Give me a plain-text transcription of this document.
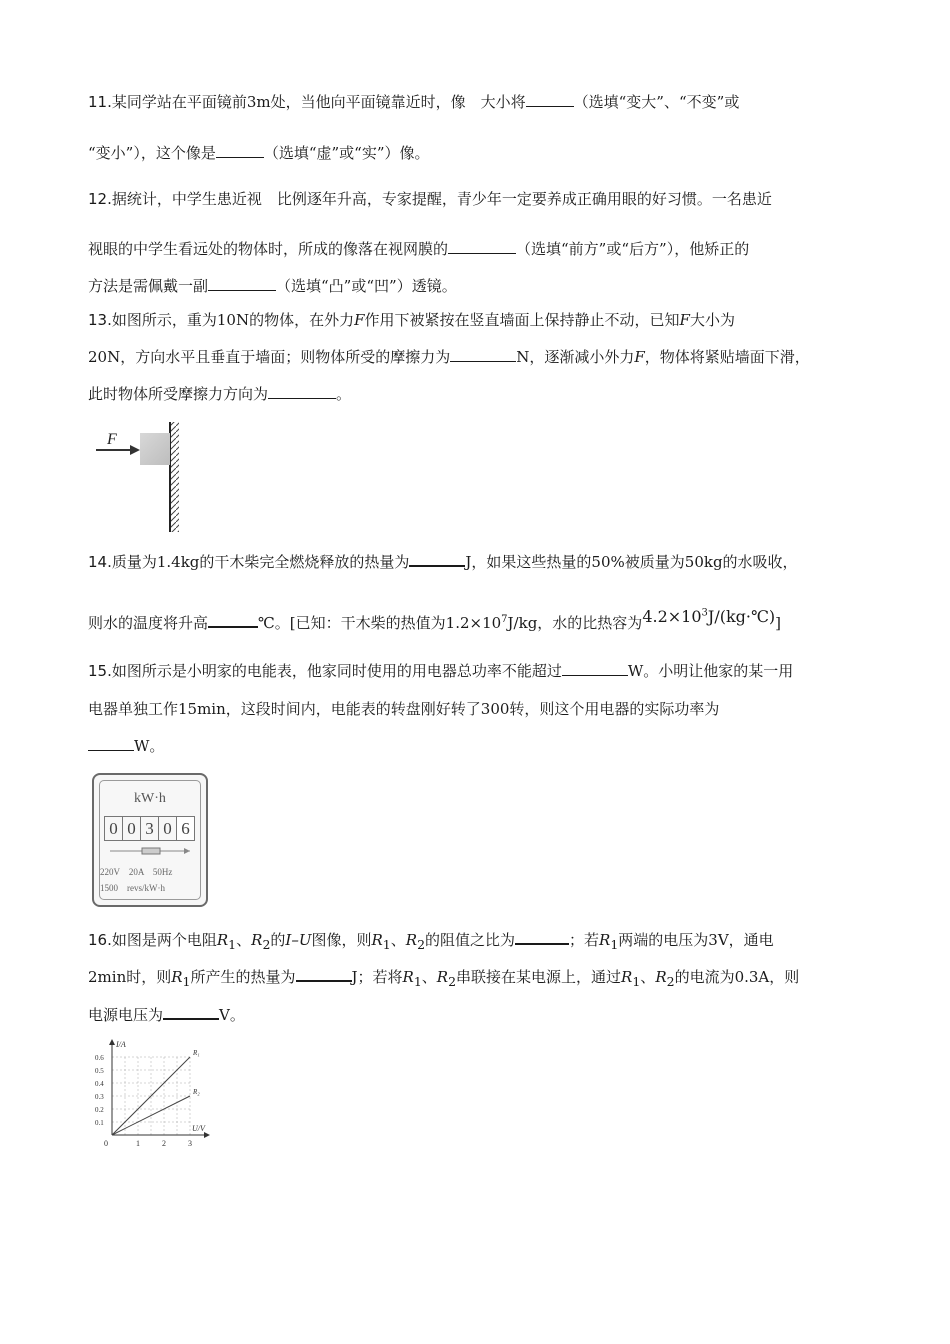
11.某同学站在平面镜前3m处，当他向平面镜靠近时，像　大小将	（选填“变大”、“不变”或

“变小”），这个像是	（选填“虚”或“实”）像。

12.据统计，中学生患近视　比例逐年升高，专家提醒，青少年一定要养成正确用眼的好习惯。一名患近

视眼的中学生看远处的物体时，所成的像落在视网膜的	（选填“前方”或“后方”），他矫正的

方法是需佩戴一副	（选填“凸”或“凹”）透镜。

13.如图所示，重为10N的物体，在外力F作用下被紧按在竖直墙面上保持静止不动，已知F大小为

20N，方向水平且垂直于墙面；则物体所受的摩擦力为	N，逐渐减小外力F，物体将紧贴墙面下滑，

此时物体所受摩擦力方向为	。

F

14.质量为1.4kg的干木柴完全燃烧释放的热量为	J，如果这些热量的50%被质量为50kg的水吸收，

则水的温度将升高	℃。[已知：干木柴的热值为$1.2\times 10^7J/kg$，水的比热容为$4.2\times 10^3J/(kg\cdot℃)$]

15.如图所示是小明家的电能表，他家同时使用的用电器总功率不能超过	W。小明让他家的某一用

电器单独工作15min，这段时间内，电能表的转盘刚好转了300转，则这个用电器的实际功率为

W。

kW·h
0 0 3 0 6
220V　20A　50Hz
1500　revs/kW·h

16.如图是两个电阻$R_1$、$R_2$的I–U图像，则$R_1$、$R_2$的阻值之比为	；若$R_1$两端的电压为3V，通电

2min时，则$R_1$所产生的热量为	J；若将$R_1$、$R_2$串联接在某电源上，通过$R_1$、$R_2$的电流为0.3A，则

电源电压为	V。

I/A
U/V
0	1	2	3
0.1
0.2
0.3
0.4
0.5
0.6
R₁
R₂
